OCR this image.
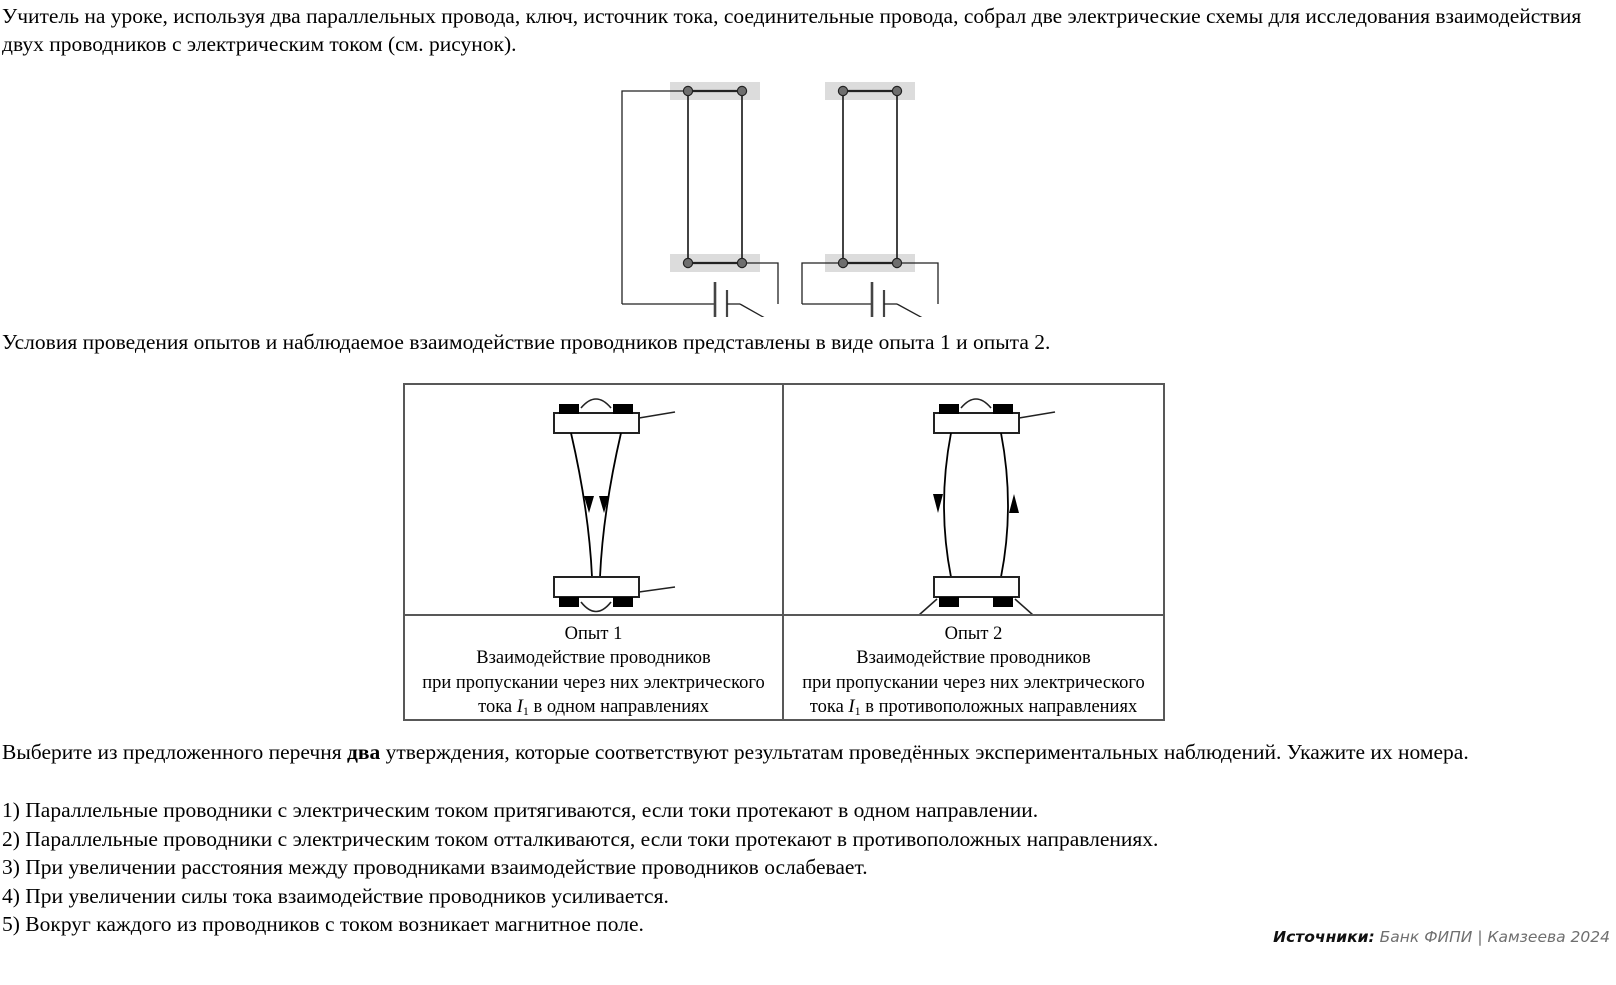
Учитель на уроке, используя два параллельных провода, ключ, источник тока, соединительные провода, собрал две электрические схемы для исследования взаимодействия двух проводников с электрическим током (см. рисунок).
Условия проведения опытов и наблюдаемое взаимодействие проводников представлены в виде опыта 1 и опыта 2.
Опыт 1
Взаимодействие проводников
при пропускании через них электрического
тока $I_1$ в одном направлениях
Опыт 2
Взаимодействие проводников
при пропускании через них электрического
тока $I_1$ в противоположных направлениях
Выберите из предложенного перечня два утверждения, которые соответствуют результатам проведённых экспериментальных наблюдений. Укажите их номера.
1) Параллельные проводники с электрическим током притягиваются, если токи протекают в одном направлении.
2) Параллельные проводники с электрическим током отталкиваются, если токи протекают в противоположных направлениях.
3) При увеличении расстояния между проводниками взаимодействие проводников ослабевает.
4) При увеличении силы тока взаимодействие проводников усиливается.
5) Вокруг каждого из проводников с током возникает магнитное поле.
Источники: Банк ФИПИ | Камзеева 2024
